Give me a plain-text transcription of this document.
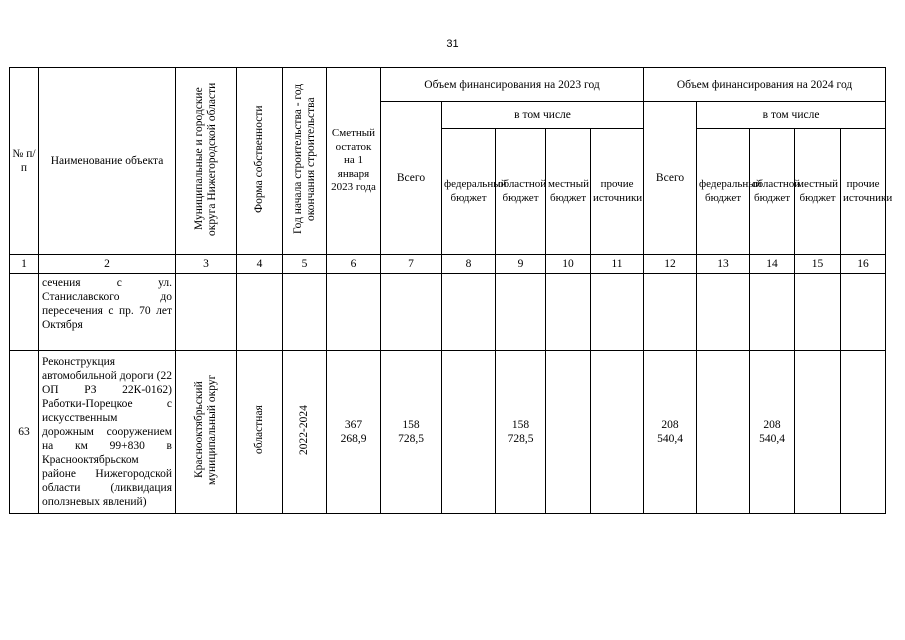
31
№ п/п	Наименование объекта	Муниципальные и городские округа Нижегородской области	Форма собственности	Год начала строительства - год окончания строительства	Сметный остаток на 1 января 2023 года	Объем финансирования на 2023 год					Объем финансирования на 2024 год				
						Всего	в том числе				Всего	в том числе			
							федеральный бюджет	областной бюджет	местный бюджет	прочие источники		федеральный бюджет	областной бюджет	местный бюджет	прочие источники
1	2	3	4	5	6	7	8	9	10	11	12	13	14	15	16
	сечения с ул. Станиславского до пересечения с пр. 70 лет Октября														
63	Реконструкция автомобильной дороги (22 ОП РЗ 22К-0162) Работки-Порецкое с искусственным дорожным сооружением на км 99+830 в Краснооктябрьском районе Нижегородской области (ликвидация оползневых явлений)	Краснооктябрьский муниципальный округ	областная	2022-2024	367 268,9	158 728,5		158 728,5			208 540,4		208 540,4		
